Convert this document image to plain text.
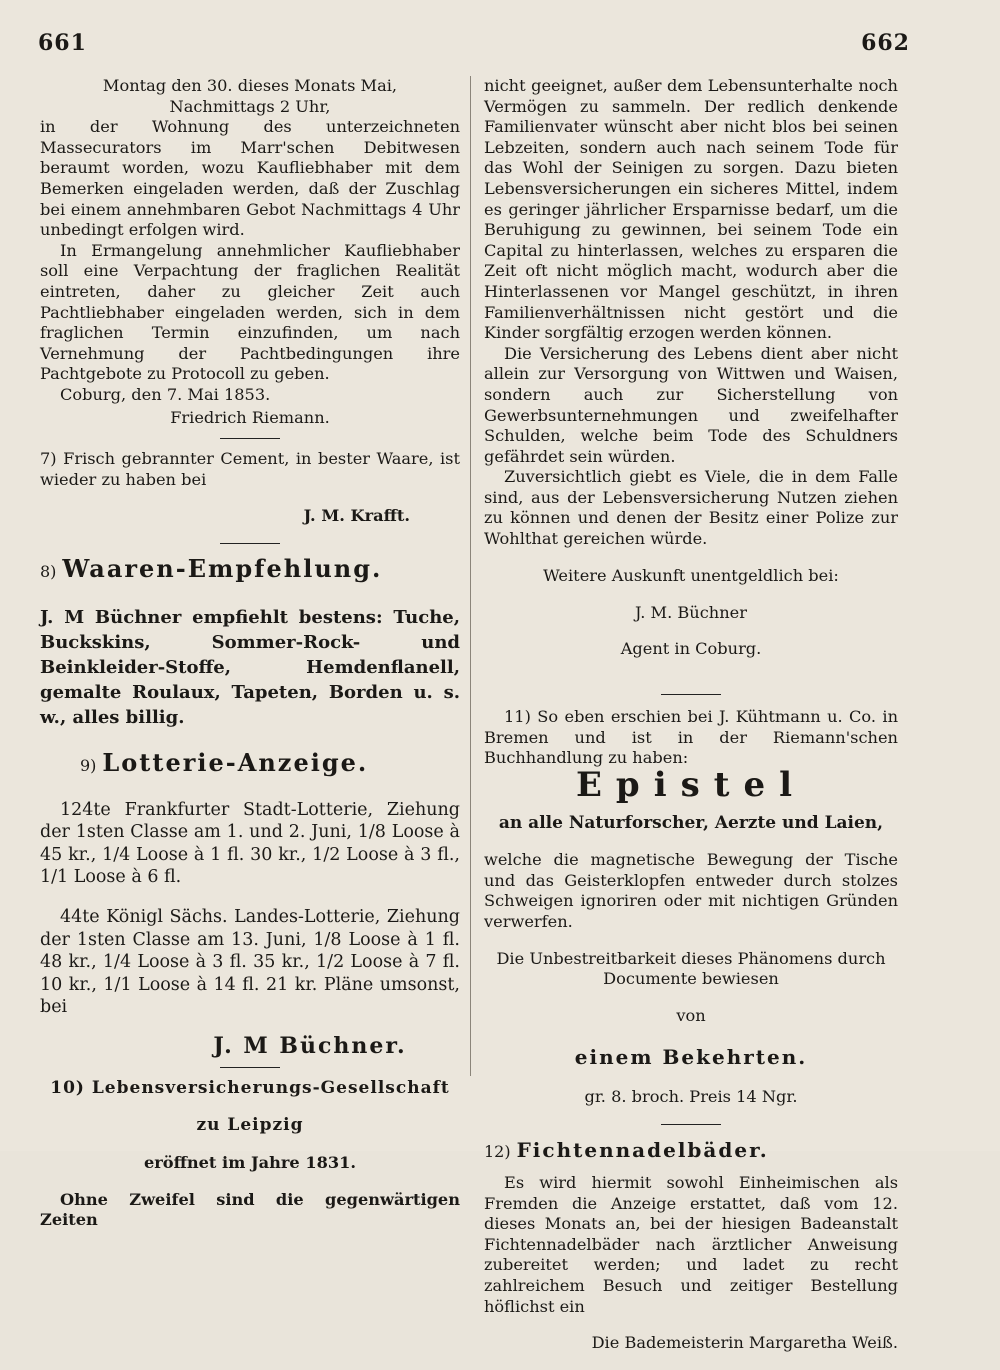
⠀
661	662

Montag den 30. dieses Monats Mai,

Nachmittags 2 Uhr,

in der Wohnung des unterzeichneten Massecurators im Marr'schen Debitwesen beraumt worden, wozu Kaufliebhaber mit dem Bemerken eingeladen werden, daß der Zuschlag bei einem annehmbaren Gebot Nachmittags 4 Uhr unbedingt erfolgen wird.

In Ermangelung annehmlicher Kaufliebhaber soll eine Verpachtung der fraglichen Realität eintreten, daher zu gleicher Zeit auch Pachtliebhaber eingeladen werden, sich in dem fraglichen Termin einzufinden, um nach Vernehmung der Pachtbedingungen ihre Pachtgebote zu Protocoll zu geben.

Coburg, den 7. Mai 1853.

Friedrich Riemann.

7) Frisch gebrannter Cement, in bester Waare, ist wieder zu haben bei

J. M. Krafft.

8) Waaren-Empfehlung.

J. M Büchner empfiehlt bestens: Tuche, Buckskins, Sommer-Rock- und Beinkleider-Stoffe, Hemdenflanell, gemalte Roulaux, Tapeten, Borden u. s. w., alles billig.

9) Lotterie-Anzeige.

124te Frankfurter Stadt-Lotterie, Ziehung der 1sten Classe am 1. und 2. Juni, 1/8 Loose à 45 kr., 1/4 Loose à 1 fl. 30 kr., 1/2 Loose à 3 fl., 1/1 Loose à 6 fl.

44te Königl Sächs. Landes-Lotterie, Ziehung der 1sten Classe am 13. Juni, 1/8 Loose à 1 fl. 48 kr., 1/4 Loose à 3 fl. 35 kr., 1/2 Loose à 7 fl. 10 kr., 1/1 Loose à 14 fl. 21 kr. Pläne umsonst, bei

J. M Büchner.

10) Lebensversicherungs-Gesellschaft

zu Leipzig

eröffnet im Jahre 1831.

Ohne Zweifel sind die gegenwärtigen Zeiten

nicht geeignet, außer dem Lebensunterhalte noch Vermögen zu sammeln. Der redlich denkende Familienvater wünscht aber nicht blos bei seinen Lebzeiten, sondern auch nach seinem Tode für das Wohl der Seinigen zu sorgen. Dazu bieten Lebensversicherungen ein sicheres Mittel, indem es geringer jährlicher Ersparnisse bedarf, um die Beruhigung zu gewinnen, bei seinem Tode ein Capital zu hinterlassen, welches zu ersparen die Zeit oft nicht möglich macht, wodurch aber die Hinterlassenen vor Mangel geschützt, in ihren Familienverhältnissen nicht gestört und die Kinder sorgfältig erzogen werden können.

Die Versicherung des Lebens dient aber nicht allein zur Versorgung von Wittwen und Waisen, sondern auch zur Sicherstellung von Gewerbsunternehmungen und zweifelhafter Schulden, welche beim Tode des Schuldners gefährdet sein würden.

Zuversichtlich giebt es Viele, die in dem Falle sind, aus der Lebensversicherung Nutzen ziehen zu können und denen der Besitz einer Polize zur Wohlthat gereichen würde.

Weitere Auskunft unentgeldlich bei:

J. M. Büchner

Agent in Coburg.

11) So eben erschien bei J. Kühtmann u. Co. in Bremen und ist in der Riemann'schen Buchhandlung zu haben:

Epistel

an alle Naturforscher, Aerzte und Laien,

welche die magnetische Bewegung der Tische und das Geisterklopfen entweder durch stolzes Schweigen ignoriren oder mit nichtigen Gründen verwerfen.

Die Unbestreitbarkeit dieses Phänomens durch Documente bewiesen

von

einem Bekehrten.

gr. 8. broch. Preis 14 Ngr.

12) Fichtennadelbäder.

Es wird hiermit sowohl Einheimischen als Fremden die Anzeige erstattet, daß vom 12. dieses Monats an, bei der hiesigen Badeanstalt Fichtennadelbäder nach ärztlicher Anweisung zubereitet werden; und ladet zu recht zahlreichem Besuch und zeitiger Bestellung höflichst ein

Die Bademeisterin Margaretha Weiß.
